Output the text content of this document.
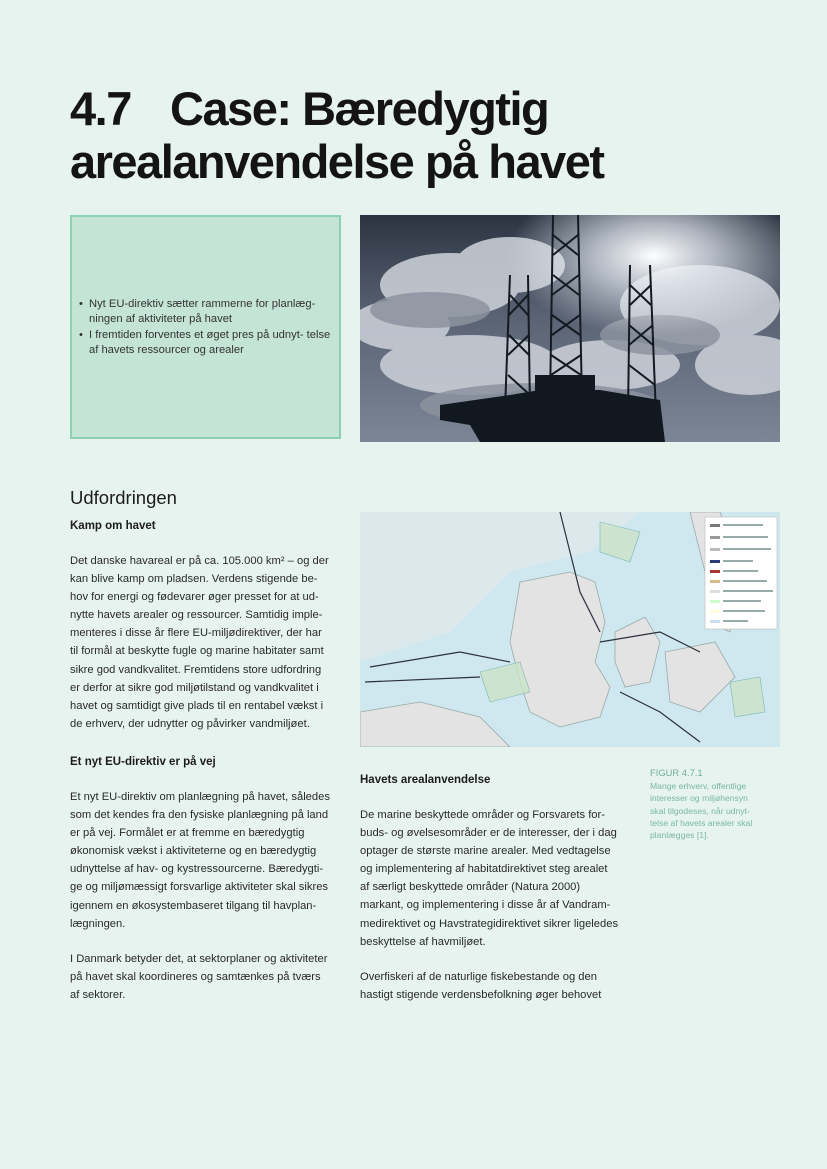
4.7 Case: Bæredygtig
arealanvendelse på havet
• Nyt EU-direktiv sætter rammerne for planlæg- ningen af aktiviteter på havet
• I fremtiden forventes et øget pres på udnyt- telse af havets ressourcer og arealer
Udfordringen
Kamp om havet
Det danske havareal er på ca. 105.000 km² – og der
kan blive kamp om pladsen. Verdens stigende be-
hov for energi og fødevarer øger presset for at ud-
nytte havets arealer og ressourcer. Samtidig imple-
menteres i disse år flere EU-miljødirektiver, der har
til formål at beskytte fugle og marine habitater samt
sikre god vandkvalitet. Fremtidens store udfordring
er derfor at sikre god miljøtilstand og vandkvalitet i
havet og samtidigt give plads til en rentabel vækst i
de erhverv, der udnytter og påvirker vandmiljøet.
Et nyt EU-direktiv er på vej
Et nyt EU-direktiv om planlægning på havet, således
som det kendes fra den fysiske planlægning på land
er på vej. Formålet er at fremme en bæredygtig
økonomisk vækst i aktiviteterne og en bæredygtig
udnyttelse af hav- og kystressourcerne. Bæredygti-
ge og miljømæssigt forsvarlige aktiviteter skal sikres
igennem en økosystembaseret tilgang til havplan-
lægningen.
I Danmark betyder det, at sektorplaner og aktiviteter
på havet skal koordineres og samtænkes på tværs
af sektorer.
Havets arealanvendelse
De marine beskyttede områder og Forsvarets for-
buds- og øvelsesområder er de interesser, der i dag
optager de største marine arealer. Med vedtagelse
og implementering af habitatdirektivet steg arealet
af særligt beskyttede områder (Natura 2000)
markant, og implementering i disse år af Vandram-
medirektivet og Havstrategidirektivet sikrer ligeledes
beskyttelse af havmiljøet.
Overfiskeri af de naturlige fiskebestande og den
hastigt stigende verdensbefolkning øger behovet
FIGUR 4.7.1
Mange erhverv, offentlige
interesser og miljøhensyn
skal tilgodeses, når udnyt-
telse af havets arealer skal
planlægges [1].
